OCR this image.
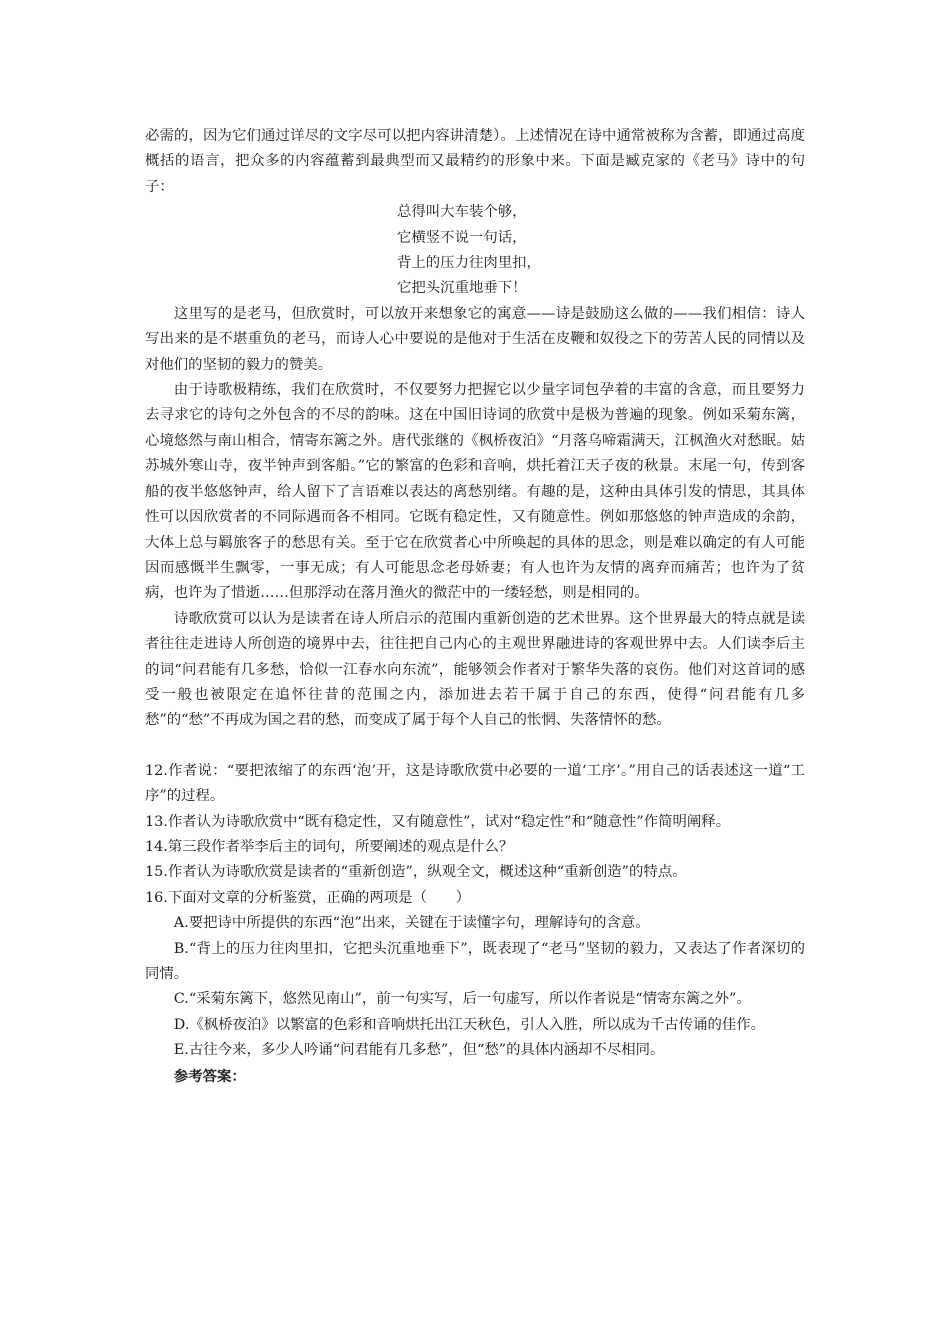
必需的，因为它们通过详尽的文字尽可以把内容讲清楚）。上述情况在诗中通常被称为含蓄，即通过高度概括的语言，把众多的内容蕴蓄到最典型而又最精约的形象中来。下面是臧克家的《老马》诗中的句子：

总得叫大车装个够，
它横竖不说一句话，
背上的压力往肉里扣，
它把头沉重地垂下！

这里写的是老马，但欣赏时，可以放开来想象它的寓意——诗是鼓励这么做的——我们相信：诗人写出来的是不堪重负的老马，而诗人心中要说的是他对于生活在皮鞭和奴役之下的劳苦人民的同情以及对他们的坚韧的毅力的赞美。

由于诗歌极精练，我们在欣赏时，不仅要努力把握它以少量字词包孕着的丰富的含意，而且要努力去寻求它的诗句之外包含的不尽的韵味。这在中国旧诗词的欣赏中是极为普遍的现象。例如采菊东篱，心境悠然与南山相合，情寄东篱之外。唐代张继的《枫桥夜泊》“月落乌啼霜满天，江枫渔火对愁眠。姑苏城外寒山寺，夜半钟声到客船。”它的繁富的色彩和音响，烘托着江天子夜的秋景。末尾一句，传到客船的夜半悠悠钟声，给人留下了言语难以表达的离愁别绪。有趣的是，这种由具体引发的情思，其具体性可以因欣赏者的不同际遇而各不相同。它既有稳定性，又有随意性。例如那悠悠的钟声造成的余韵，大体上总与羁旅客子的愁思有关。至于它在欣赏者心中所唤起的具体的思念，则是难以确定的有人可能因而感慨半生飘零，一事无成；有人可能思念老母娇妻；有人也许为友情的离弃而痛苦；也许为了贫病，也许为了惜逝……但那浮动在落月渔火的微茫中的一缕轻愁，则是相同的。

诗歌欣赏可以认为是读者在诗人所启示的范围内重新创造的艺术世界。这个世界最大的特点就是读者往往走进诗人所创造的境界中去，往往把自己内心的主观世界融进诗的客观世界中去。人们读李后主的词“问君能有几多愁，恰似一江春水向东流”，能够领会作者对于繁华失落的哀伤。他们对这首词的感受一般也被限定在追怀往昔的范围之内，添加进去若干属于自己的东西，使得“问君能有几多愁”的“愁”不再成为国之君的愁，而变成了属于每个人自己的怅惘、失落情怀的愁。

12.作者说：“要把浓缩了的东西‘泡’开，这是诗歌欣赏中必要的一道‘工序’。”用自己的话表述这一道“工序”的过程。

13.作者认为诗歌欣赏中“既有稳定性，又有随意性”，试对“稳定性”和“随意性”作简明阐释。

14.第三段作者举李后主的词句，所要阐述的观点是什么？

15.作者认为诗歌欣赏是读者的“重新创造”，纵观全文，概述这种“重新创造”的特点。

16.下面对文章的分析鉴赏，正确的两项是（　　）

A.要把诗中所提供的东西“泡”出来，关键在于读懂字句，理解诗句的含意。

B.“背上的压力往肉里扣，它把头沉重地垂下”，既表现了“老马”坚韧的毅力，又表达了作者深切的同情。

C.“采菊东篱下，悠然见南山”，前一句实写，后一句虚写，所以作者说是“情寄东篱之外”。

D.《枫桥夜泊》以繁富的色彩和音响烘托出江天秋色，引人入胜，所以成为千古传诵的佳作。

E.古往今来，多少人吟诵“问君能有几多愁”，但“愁”的具体内涵却不尽相同。

参考答案：
